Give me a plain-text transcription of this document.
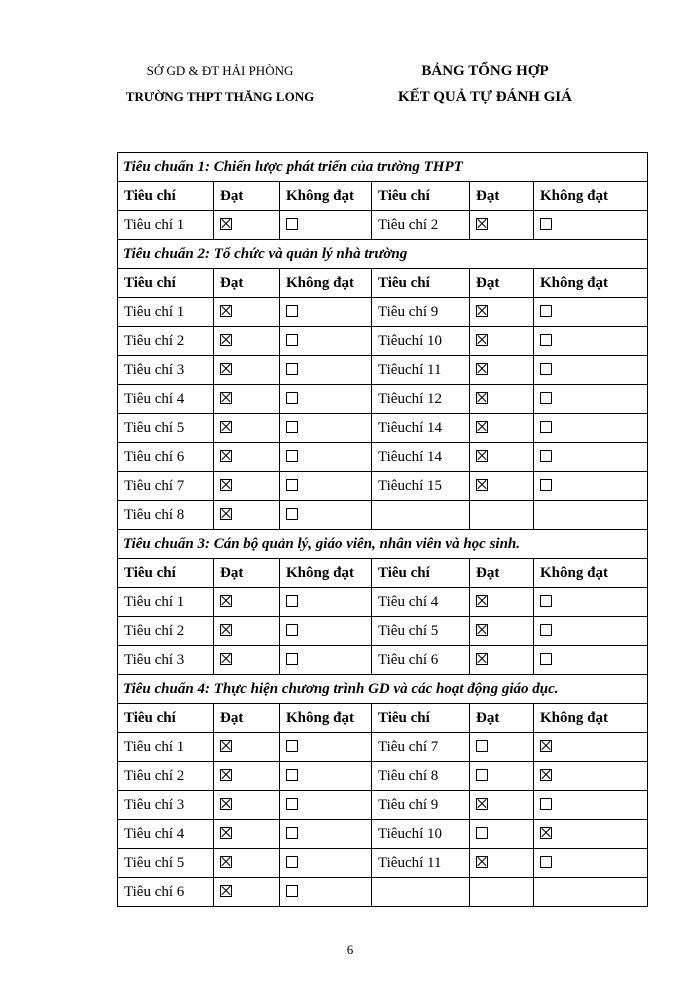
SỞ GD & ĐT HẢI PHÒNG
TRƯỜNG THPT THĂNG LONG
BẢNG TỔNG HỢP
KẾT QUẢ TỰ ĐÁNH GIÁ
Tiêu chuẩn 1: Chiến lược phát triển của trường THPT					
Tiêu chí	Đạt	Không đạt	Tiêu chí	Đạt	Không đạt
Tiêu chí 1			Tiêu chí 2		
Tiêu chuẩn 2: Tổ chức và quản lý nhà trường					
Tiêu chí	Đạt	Không đạt	Tiêu chí	Đạt	Không đạt
Tiêu chí 1			Tiêu chí 9		
Tiêu chí 2			Tiêuchí 10		
Tiêu chí 3			Tiêuchí 11		
Tiêu chí 4			Tiêuchí 12		
Tiêu chí 5			Tiêuchí 14		
Tiêu chí 6			Tiêuchí 14		
Tiêu chí 7			Tiêuchí 15		
Tiêu chí 8					
Tiêu chuẩn 3: Cán bộ quản lý, giáo viên, nhân viên và học sinh.					
Tiêu chí	Đạt	Không đạt	Tiêu chí	Đạt	Không đạt
Tiêu chí 1			Tiêu chí 4		
Tiêu chí 2			Tiêu chí 5		
Tiêu chí 3			Tiêu chí 6		
Tiêu chuẩn 4: Thực hiện chương trình GD và các hoạt động giáo dục.					
Tiêu chí	Đạt	Không đạt	Tiêu chí	Đạt	Không đạt
Tiêu chí 1			Tiêu chí 7		
Tiêu chí 2			Tiêu chí 8		
Tiêu chí 3			Tiêu chí 9		
Tiêu chí 4			Tiêuchí 10		
Tiêu chí 5			Tiêuchí 11		
Tiêu chí 6					
6
